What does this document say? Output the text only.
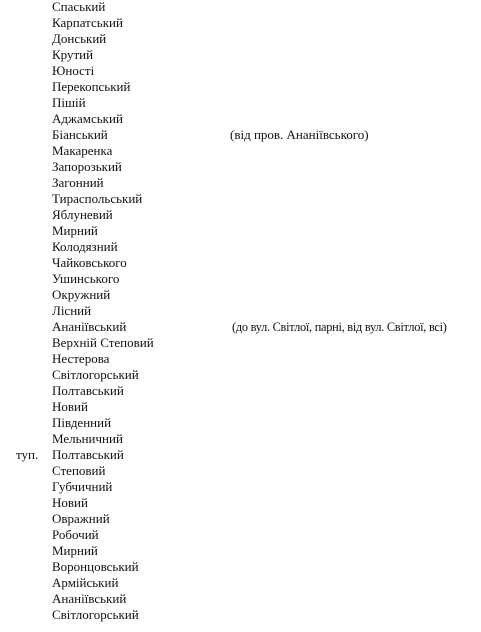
Спаський
Карпатський
Донський
Крутий
Юності
Перекопський
Пішій
Аджамський
Біанський	(від пров. Ананіївського)
Макаренка
Запорозький
Загонний
Тираспольський
Яблуневий
Мирний
Колодязний
Чайковського
Ушинського
Окружний
Лісний
Ананіївський	(до вул. Світлої, парні, від вул. Світлої, всі)
Верхній Степовий
Нестерова
Світлогорський
Полтавський
Новий
Південний
Мельничний
туп. Полтавський
Степовий
Губчичний
Новий
Овражний
Робочий
Мирний
Воронцовський
Армійський
Ананіївський
Світлогорський
